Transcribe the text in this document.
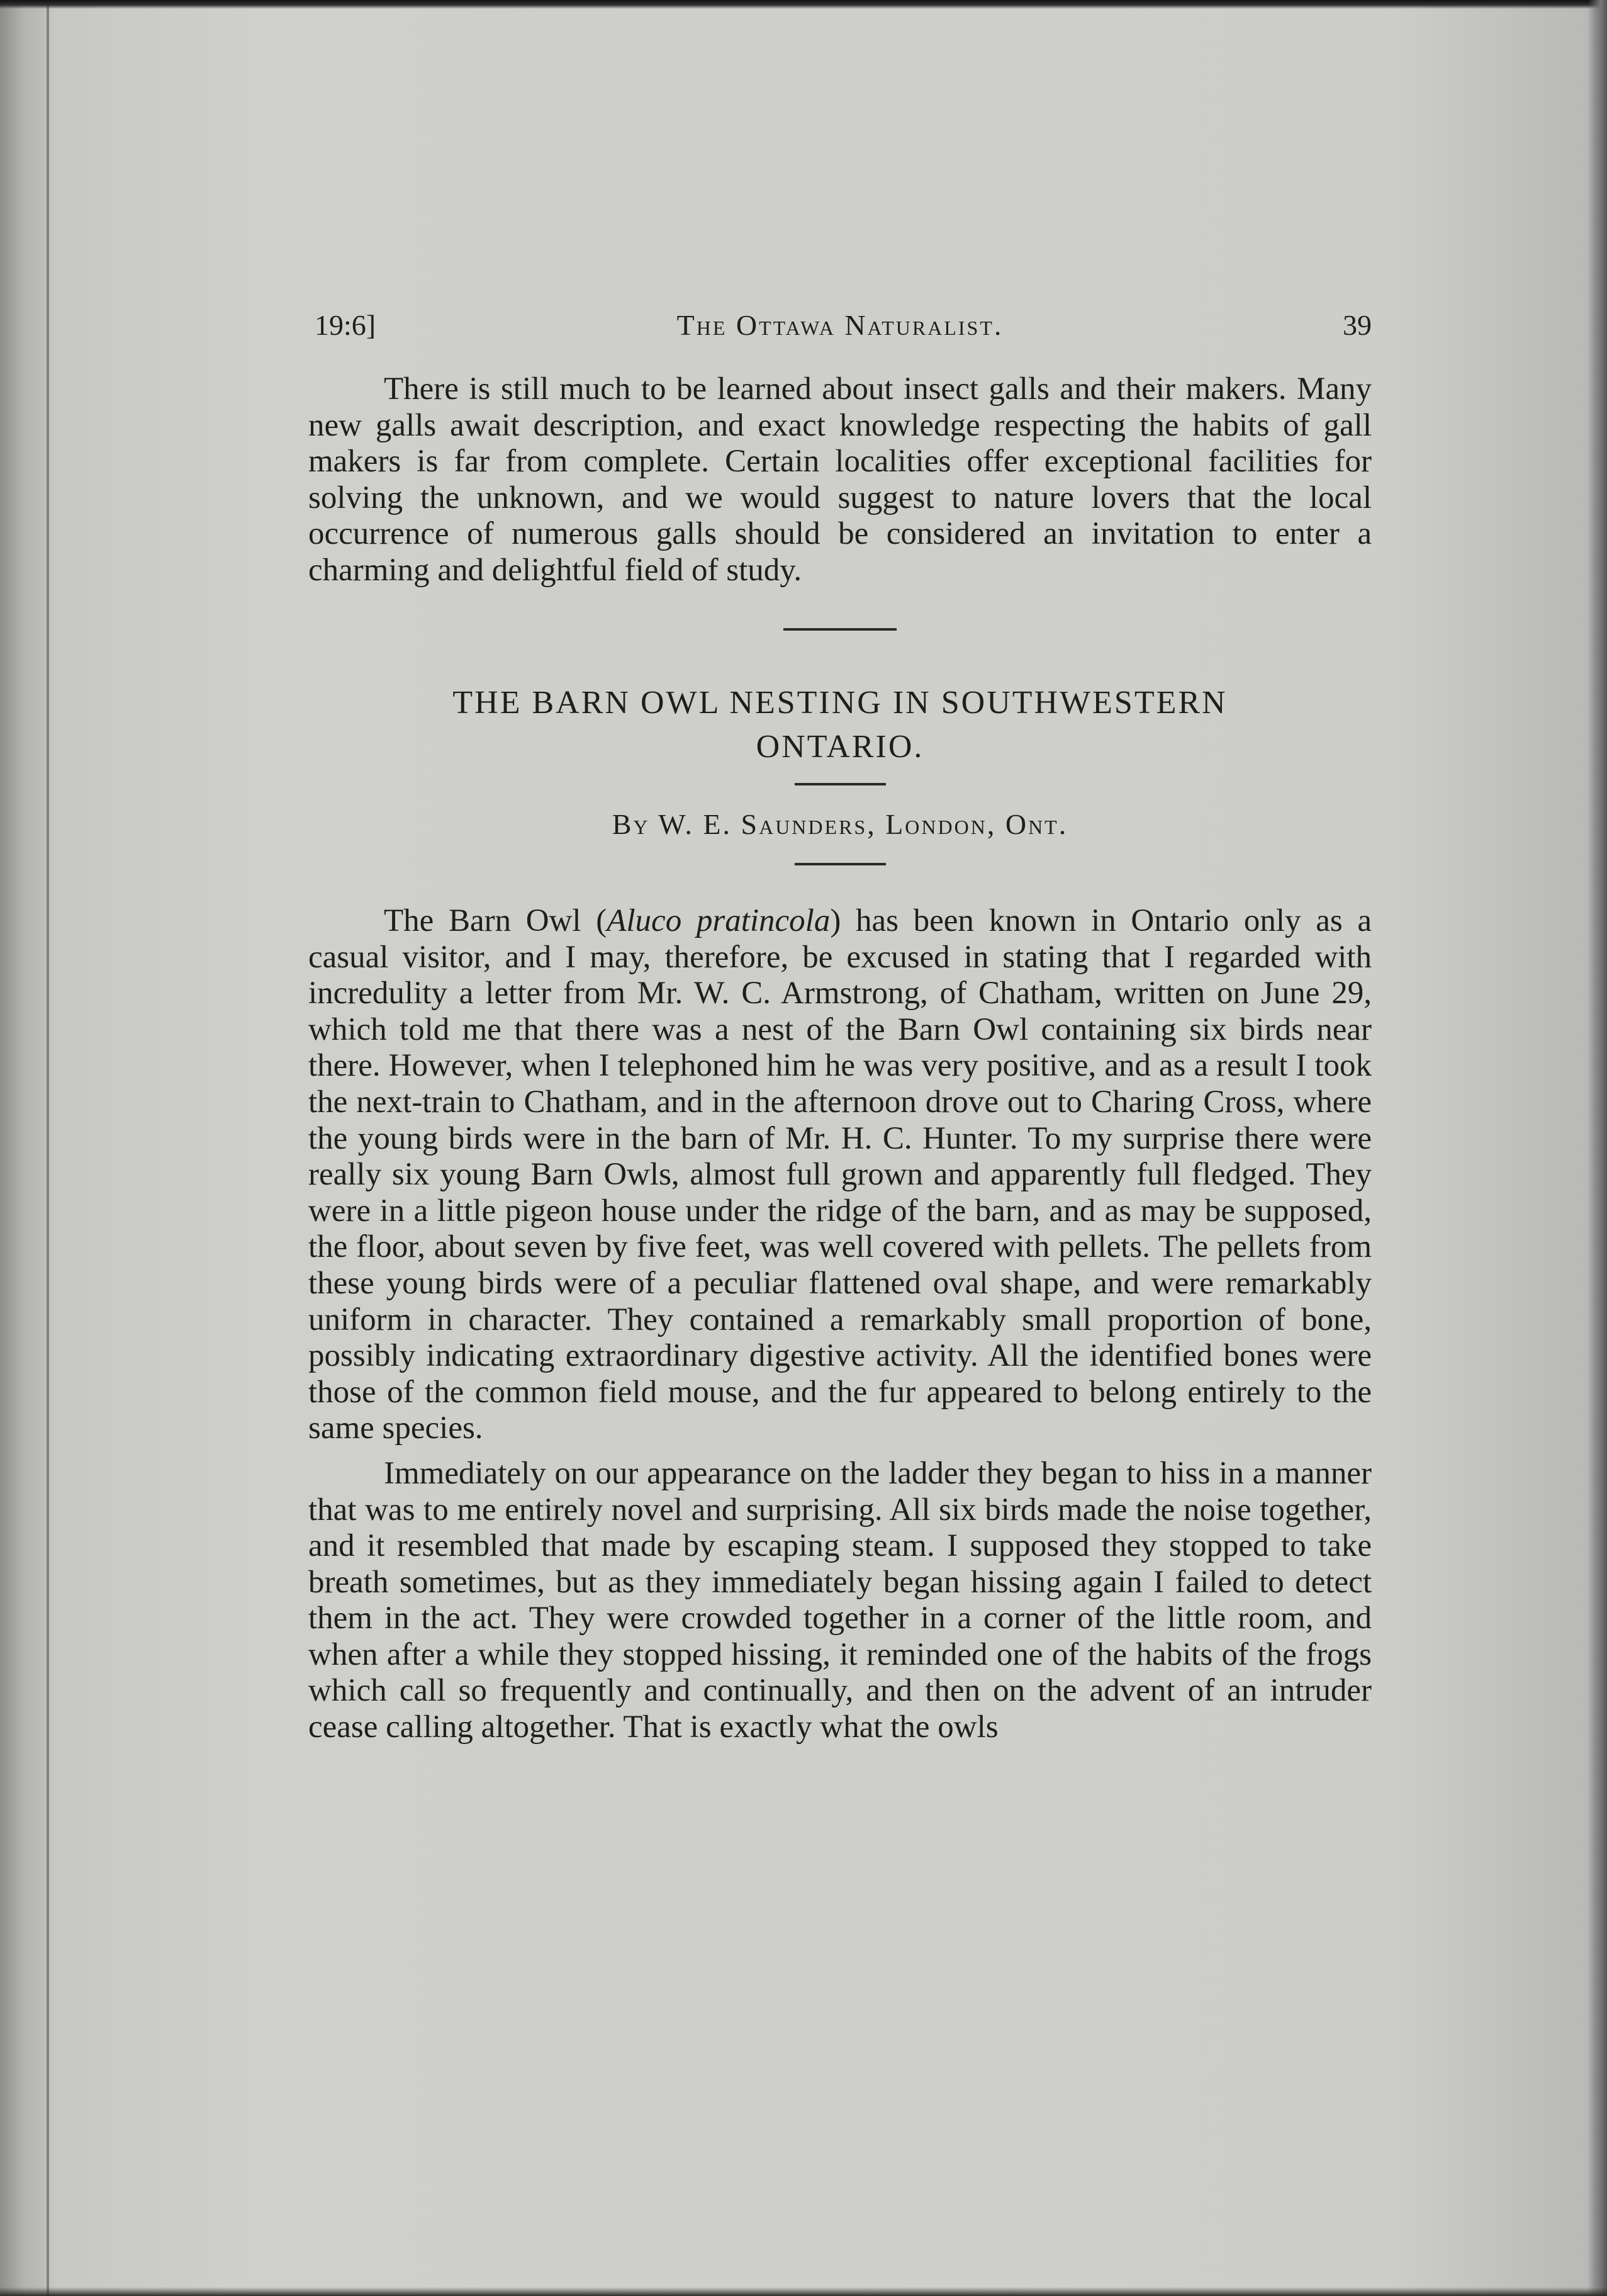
19:6]	The Ottawa Naturalist.	39

There is still much to be learned about insect galls and their makers. Many new galls await description, and exact knowledge respecting the habits of gall makers is far from complete. Certain localities offer exceptional facilities for solving the unknown, and we would suggest to nature lovers that the local occurrence of numerous galls should be considered an invitation to enter a charming and delightful field of study.

THE BARN OWL NESTING IN SOUTHWESTERN
ONTARIO.
By W. E. Saunders, London, Ont.

The Barn Owl (Aluco pratincola) has been known in Ontario only as a casual visitor, and I may, therefore, be excused in stating that I regarded with incredulity a letter from Mr. W. C. Armstrong, of Chatham, written on June 29, which told me that there was a nest of the Barn Owl containing six birds near there. However, when I telephoned him he was very positive, and as a result I took the next-train to Chatham, and in the afternoon drove out to Charing Cross, where the young birds were in the barn of Mr. H. C. Hunter. To my surprise there were really six young Barn Owls, almost full grown and apparently full fledged. They were in a little pigeon house under the ridge of the barn, and as may be supposed, the floor, about seven by five feet, was well covered with pellets. The pellets from these young birds were of a peculiar flattened oval shape, and were remarkably uniform in character. They contained a remarkably small proportion of bone, possibly indicating extraordinary digestive activity. All the identified bones were those of the common field mouse, and the fur appeared to belong entirely to the same species.

Immediately on our appearance on the ladder they began to hiss in a manner that was to me entirely novel and surprising. All six birds made the noise together, and it resembled that made by escaping steam. I supposed they stopped to take breath sometimes, but as they immediately began hissing again I failed to detect them in the act. They were crowded together in a corner of the little room, and when after a while they stopped hissing, it reminded one of the habits of the frogs which call so frequently and continually, and then on the advent of an intruder cease calling altogether. That is exactly what the owls
